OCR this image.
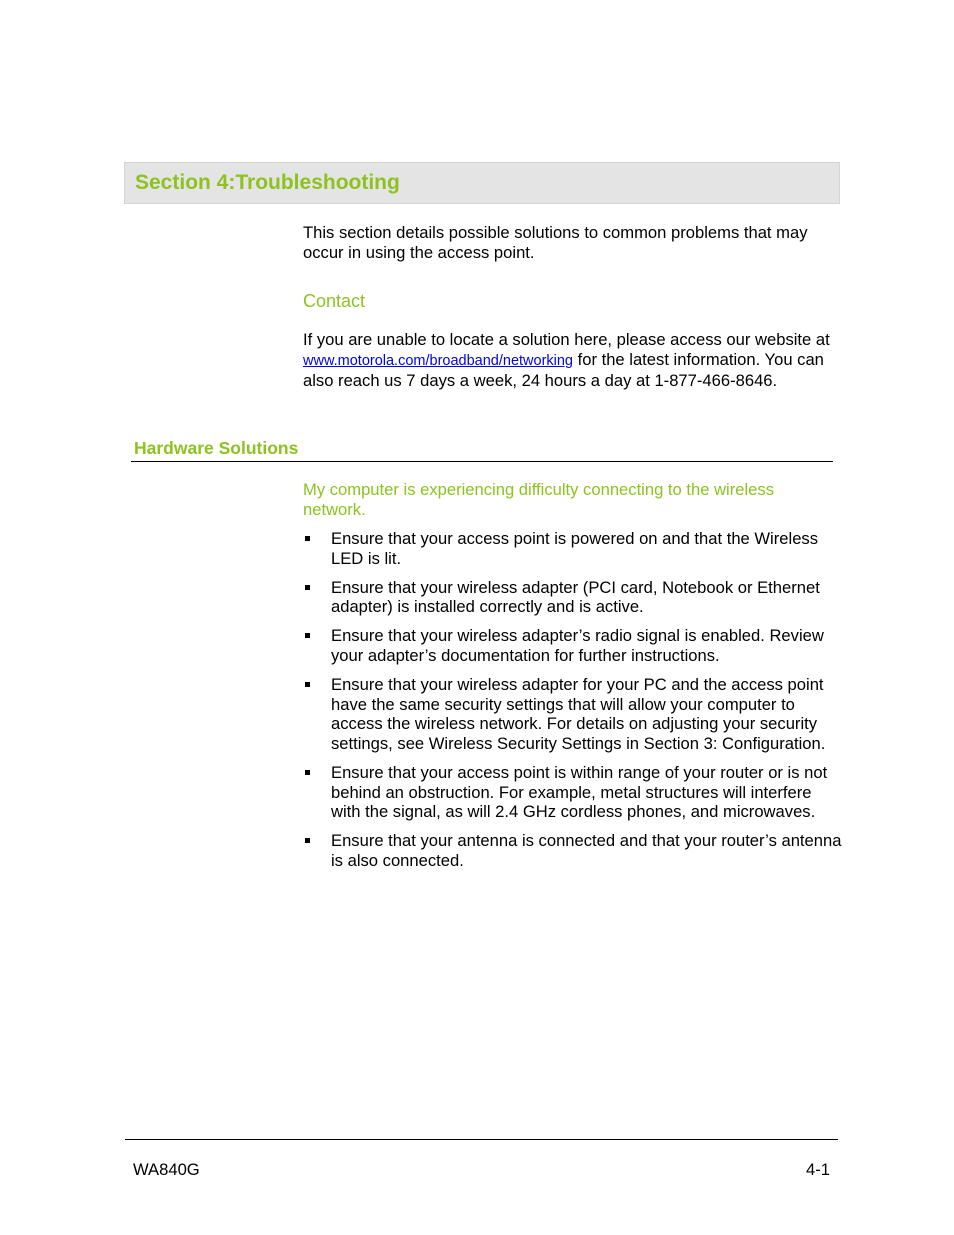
Section 4:Troubleshooting

This section details possible solutions to common problems that may occur in using the access point.

Contact

If you are unable to locate a solution here, please access our website at www.motorola.com/broadband/networking for the latest information. You can also reach us 7 days a week, 24 hours a day at 1-877-466-8646.

Hardware Solutions

My computer is experiencing difficulty connecting to the wireless network.

Ensure that your access point is powered on and that the Wireless LED is lit.
Ensure that your wireless adapter (PCI card, Notebook or Ethernet adapter) is installed correctly and is active.
Ensure that your wireless adapter’s radio signal is enabled. Review your adapter’s documentation for further instructions.
Ensure that your wireless adapter for your PC and the access point have the same security settings that will allow your computer to access the wireless network. For details on adjusting your security settings, see Wireless Security Settings in Section 3: Configuration.
Ensure that your access point is within range of your router or is not behind an obstruction. For example, metal structures will interfere with the signal, as will 2.4 GHz cordless phones, and microwaves.
Ensure that your antenna is connected and that your router’s antenna is also connected.

WA840G	4-1
